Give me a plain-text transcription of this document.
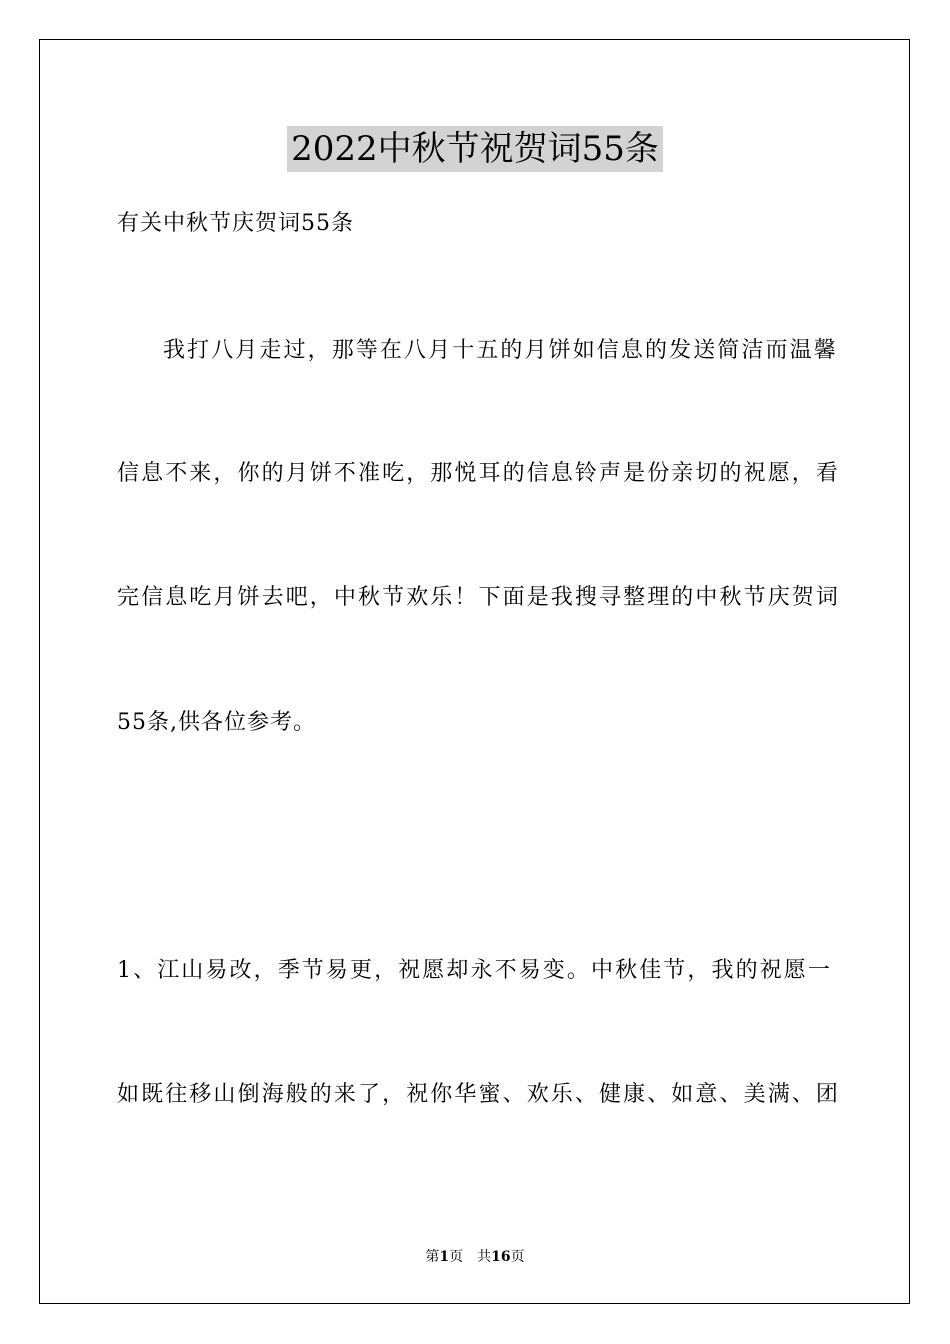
2022中秋节祝贺词55条
有关中秋节庆贺词55条
我打八月走过，那等在八月十五的月饼如信息的发送简洁而温馨
信息不来，你的月饼不准吃，那悦耳的信息铃声是份亲切的祝愿，看
完信息吃月饼去吧，中秋节欢乐！下面是我搜寻整理的中秋节庆贺词
55条,供各位参考。
1、江山易改，季节易更，祝愿却永不易变。中秋佳节，我的祝愿一
如既往移山倒海般的来了，祝你华蜜、欢乐、健康、如意、美满、团
第1页　共16页
